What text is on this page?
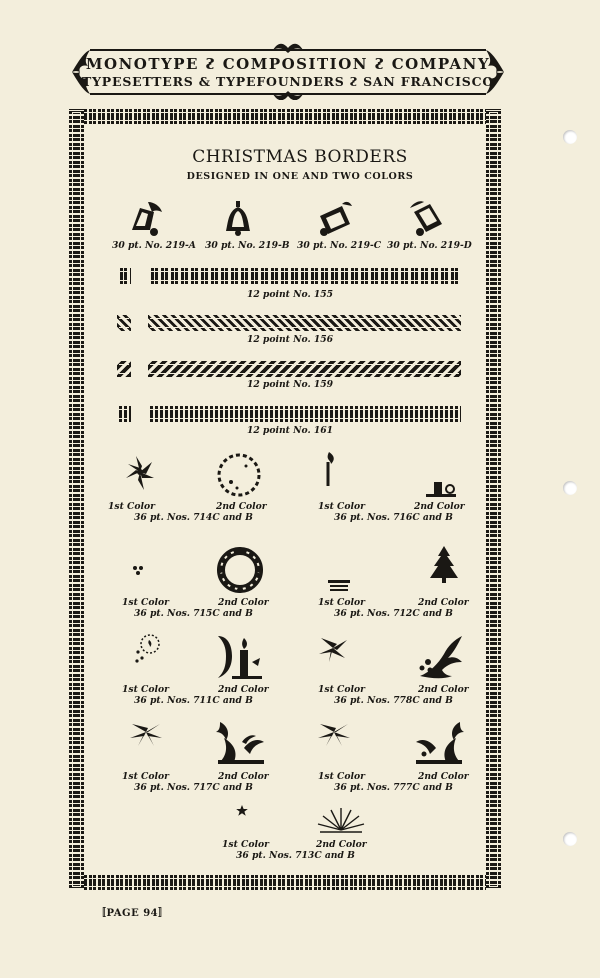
MONOTYPE ᴤ COMPOSITION ᴤ COMPANY
TYPESETTERS & TYPEFOUNDERS ᴤ SAN FRANCISCO
CHRISTMAS BORDERS
DESIGNED IN ONE AND TWO COLORS
30 pt. No. 219-A 30 pt. No. 219-B 30 pt. No. 219-C 30 pt. No. 219-D
12 point No. 155
12 point No. 156
12 point No. 159
12 point No. 161
1st Color	2nd Color
36 pt. Nos. 714C and B
1st Color	2nd Color
36 pt. Nos. 716C and B
1st Color	2nd Color
36 pt. Nos. 715C and B
1st Color	2nd Color
36 pt. Nos. 712C and B
1st Color	2nd Color
36 pt. Nos. 711C and B
1st Color	2nd Color
36 pt. Nos. 778C and B
1st Color	2nd Color
36 pt. Nos. 717C and B
1st Color	2nd Color
36 pt. Nos. 777C and B
1st Color	2nd Color
36 pt. Nos. 713C and B
〚PAGE 94〛
